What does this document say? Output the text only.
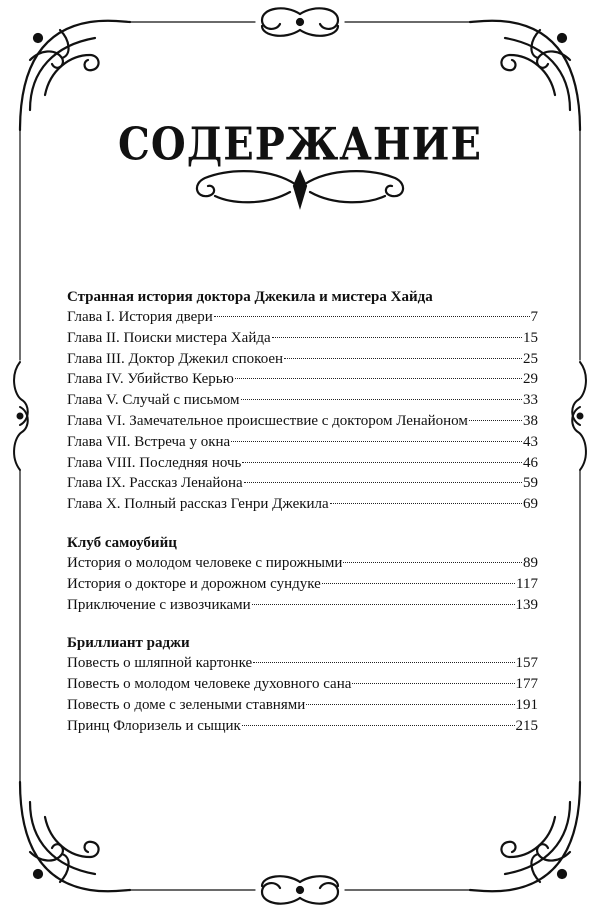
СОДЕРЖАНИЕ
Странная история доктора Джекила и мистера Хайда
Глава I. История двери	7
Глава II. Поиски мистера Хайда	15
Глава III. Доктор Джекил спокоен	25
Глава IV. Убийство Керью	29
Глава V. Случай с письмом	33
Глава VI. Замечательное происшествие с доктором Ленайоном	38
Глава VII. Встреча у окна	43
Глава VIII. Последняя ночь	46
Глава IX. Рассказ Ленайона	59
Глава X. Полный рассказ Генри Джекила	69
Клуб самоубийц
История о молодом человеке с пирожными	89
История о докторе и дорожном сундуке	117
Приключение с извозчиками	139
Бриллиант раджи
Повесть о шляпной картонке	157
Повесть о молодом человеке духовного сана	177
Повесть о доме с зелеными ставнями	191
Принц Флоризель и сыщик	215
